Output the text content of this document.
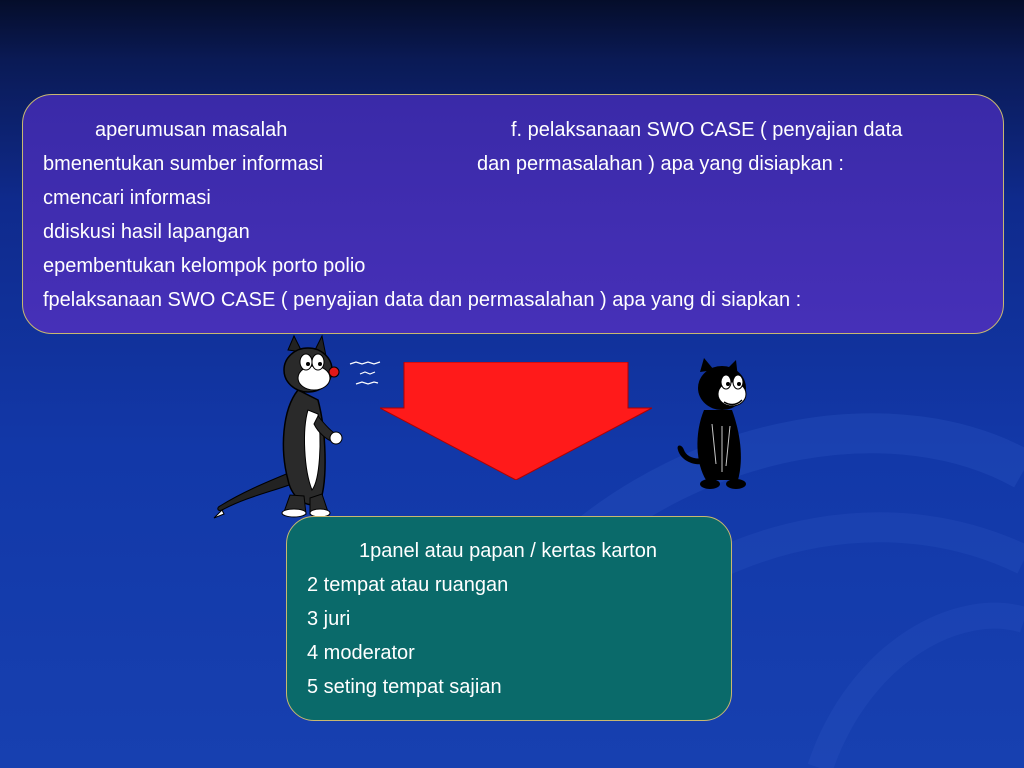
aperumusan masalah
bmenentukan sumber informasi
cmencari informasi
ddiskusi hasil lapangan
epembentukan kelompok porto polio
fpelaksanaan SWO CASE ( penyajian data dan permasalahan ) apa yang di siapkan :
f. pelaksanaan SWO CASE ( penyajian data
dan permasalahan ) apa yang disiapkan :
1panel atau papan / kertas karton
2 tempat atau ruangan
3 juri
4 moderator
5 seting tempat sajian
